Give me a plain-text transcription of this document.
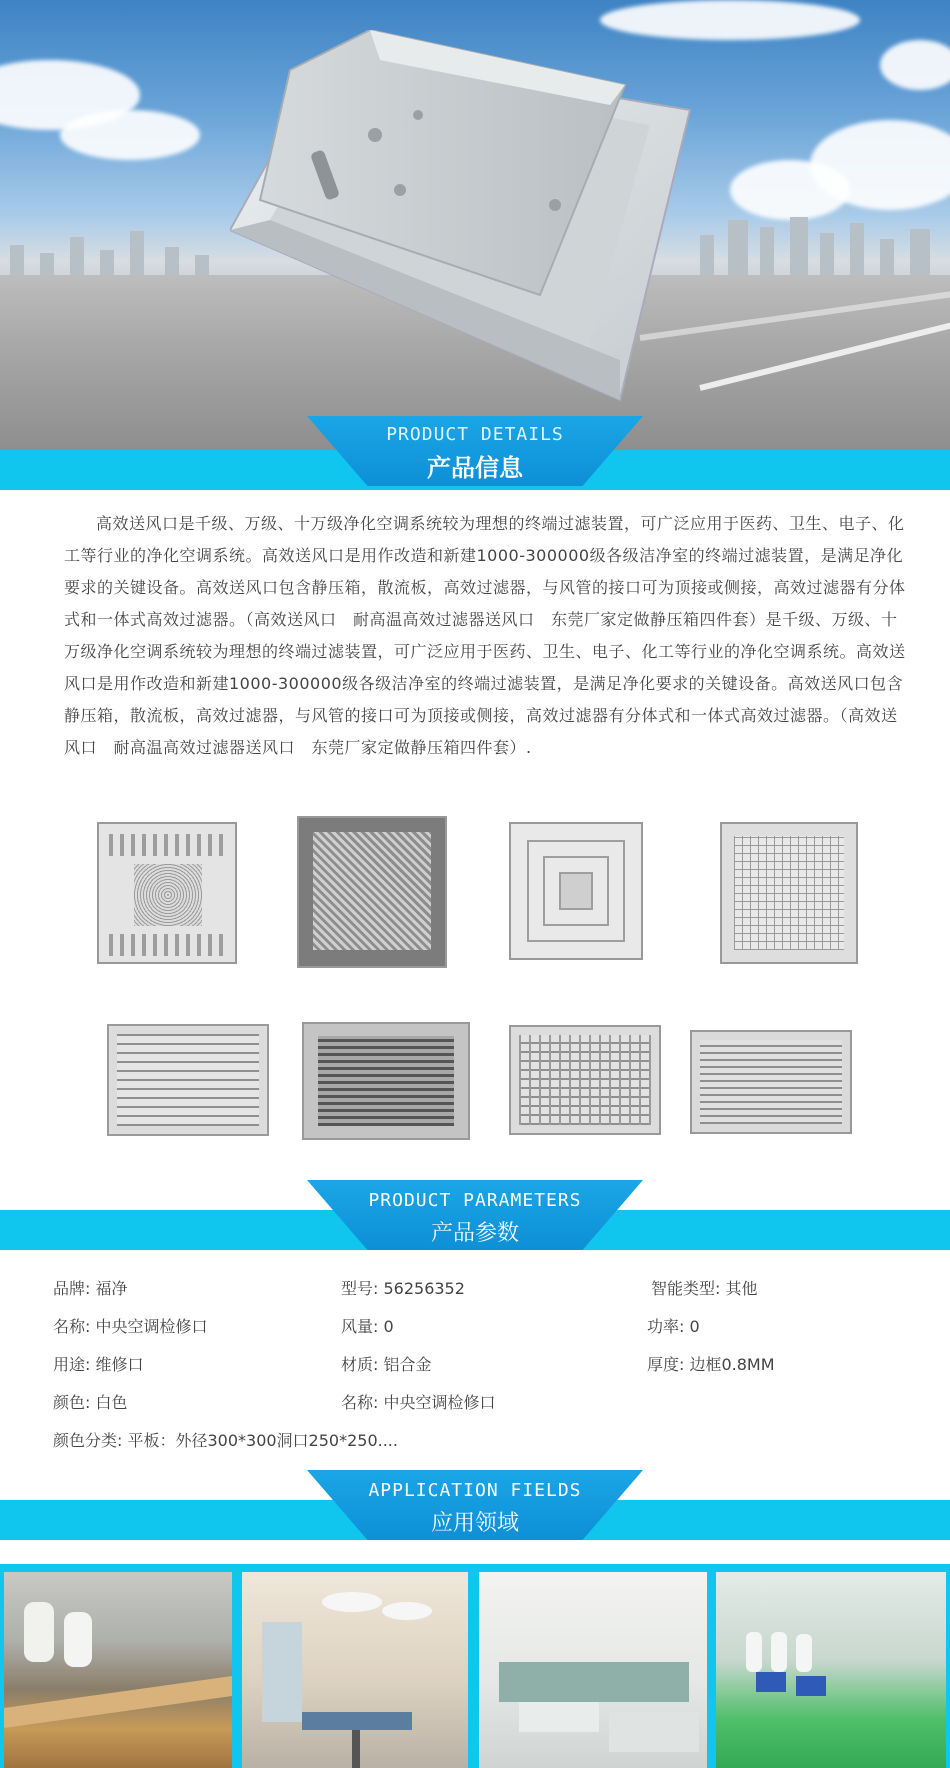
PRODUCT DETAILS
产品信息

高效送风口是千级、万级、十万级净化空调系统较为理想的终端过滤装置，可广泛应用于医药、卫生、电子、化工等行业的净化空调系统。高效送风口是用作改造和新建1000-300000级各级洁净室的终端过滤装置，是满足净化要求的关键设备。高效送风口包含静压箱，散流板，高效过滤器，与风管的接口可为顶接或侧接，高效过滤器有分体式和一体式高效过滤器。（高效送风口　耐高温高效过滤器送风口　东莞厂家定做静压箱四件套）是千级、万级、十万级净化空调系统较为理想的终端过滤装置，可广泛应用于医药、卫生、电子、化工等行业的净化空调系统。高效送风口是用作改造和新建1000-300000级各级洁净室的终端过滤装置，是满足净化要求的关键设备。高效送风口包含静压箱，散流板，高效过滤器，与风管的接口可为顶接或侧接，高效过滤器有分体式和一体式高效过滤器。（高效送风口　耐高温高效过滤器送风口　东莞厂家定做静压箱四件套）.

PRODUCT PARAMETERS
产品参数
品牌: 福净	型号: 56256352	智能类型: 其他
名称: 中央空调检修口	风量: 0	功率: 0
用途: 维修口	材质: 铝合金	厚度: 边框0.8MM
颜色: 白色	名称: 中央空调检修口
颜色分类: 平板：外径300*300洞口250*250....
APPLICATION FIELDS
应用领域
